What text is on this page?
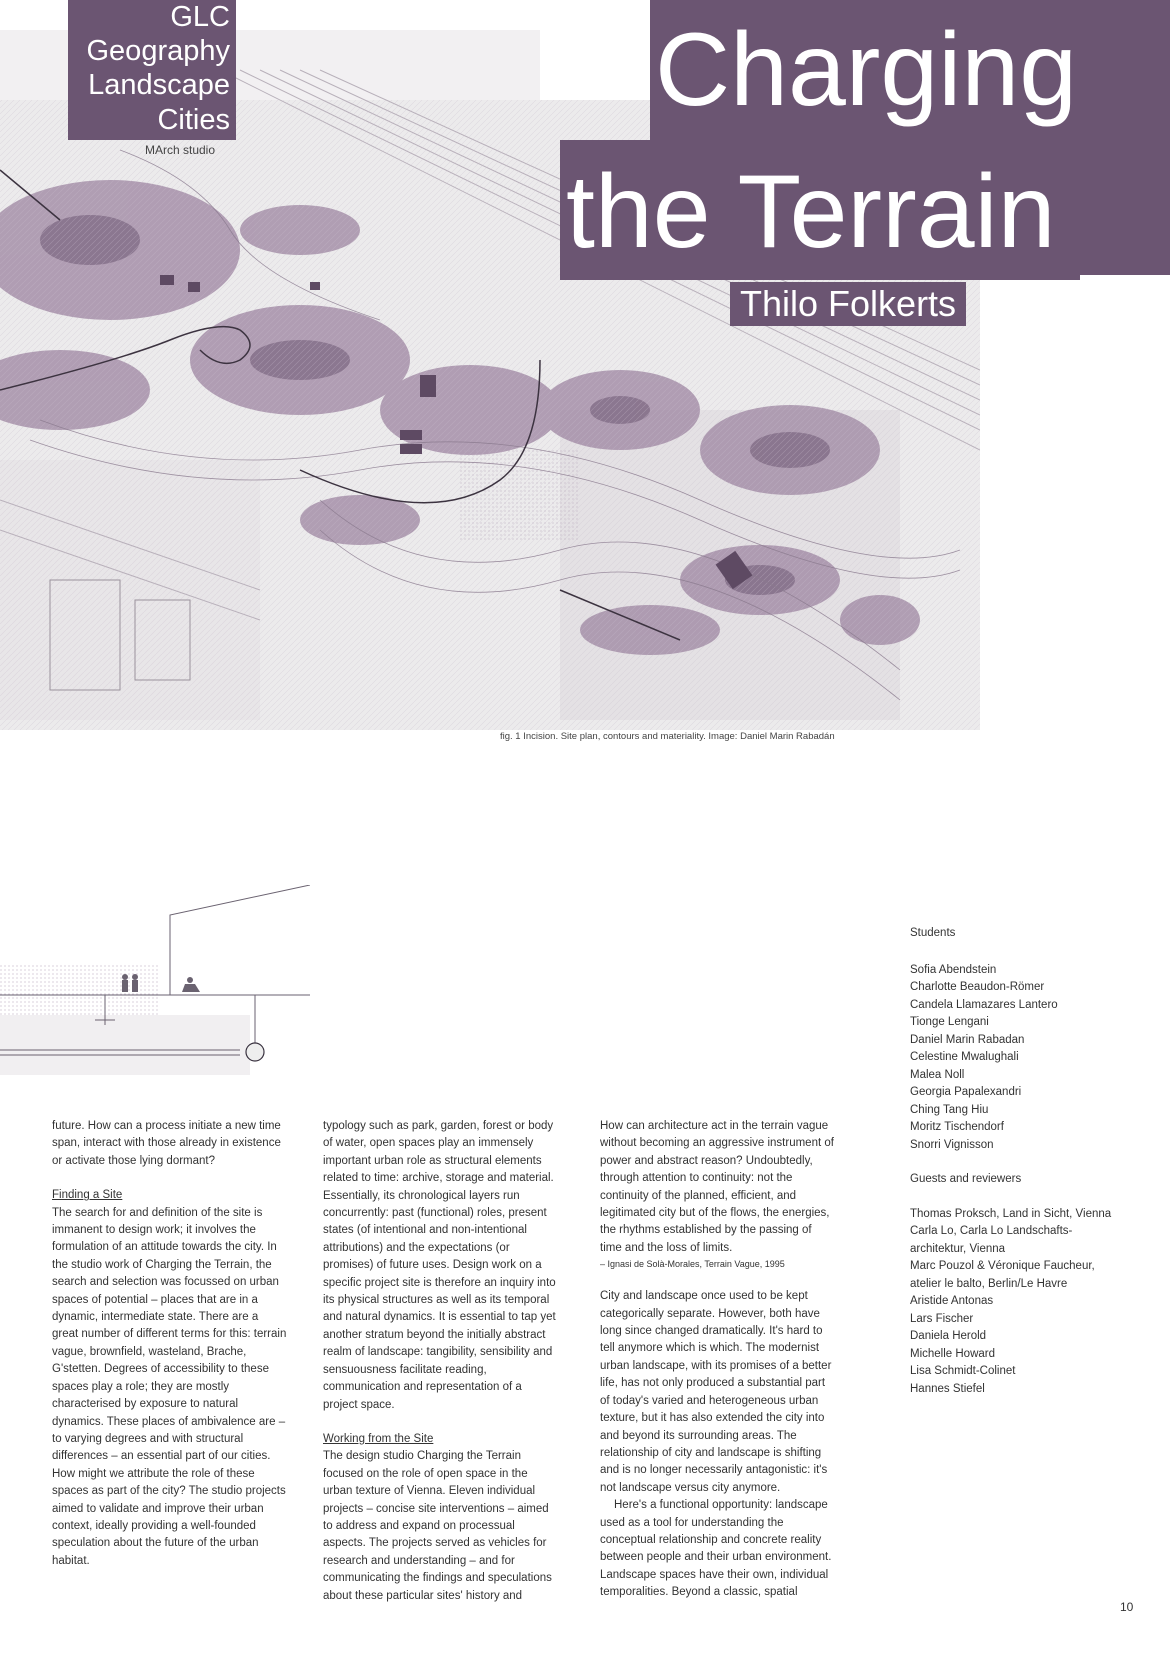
Charging
the Terrain
Thilo Folkerts
GLC
Geography
Landscape
Cities
MArch studio
fig. 1 Incision. Site plan, contours and materiality. Image: Daniel Marin Rabadán
Students
Sofia Abendstein
Charlotte Beaudon-Römer
Candela Llamazares Lantero
Tionge Lengani
Daniel Marin Rabadan
Celestine Mwalughali
Malea Noll
Georgia Papalexandri
Ching Tang Hiu
Moritz Tischendorf
Snorri Vignisson
Guests and reviewers
Thomas Proksch, Land in Sicht, Vienna
Carla Lo, Carla Lo Landschafts-
architektur, Vienna
Marc Pouzol & Véronique Faucheur,
atelier le balto, Berlin/Le Havre
Aristide Antonas
Lars Fischer
Daniela Herold
Michelle Howard
Lisa Schmidt-Colinet
Hannes Stiefel

How can architecture act in the terrain vague without becoming an aggressive instrument of power and abstract reason? Undoubtedly, through attention to continuity: not the continuity of the planned, efficient, and legitimated city but of the flows, the energies, the rhythms established by the passing of time and the loss of limits.

– Ignasi de Solà-Morales, Terrain Vague, 1995

City and landscape once used to be kept categorically separate. However, both have long since changed dramatically. It's hard to tell anymore which is which. The modernist urban landscape, with its promises of a better life, has not only produced a substantial part of today's varied and heterogeneous urban texture, but it has also extended the city into and beyond its surrounding areas. The relationship of city and landscape is shifting and is no longer necessarily antagonistic: it's not landscape versus city anymore.

Here's a functional opportunity: landscape used as a tool for understanding the conceptual relationship and concrete reality between people and their urban environment. Landscape spaces have their own, individual temporalities. Beyond a classic, spatial

typology such as park, garden, forest or body of water, open spaces play an immensely important urban role as structural elements related to time: archive, storage and material. Essentially, its chronological layers run concurrently: past (functional) roles, present states (of intentional and non-intentional attributions) and the expectations (or promises) of future uses. Design work on a specific project site is therefore an inquiry into its physical structures as well as its temporal and natural dynamics. It is essential to tap yet another stratum beyond the initially abstract realm of landscape: tangibility, sensibility and sensuousness facilitate reading, communication and representation of a project space.

Working from the Site

The design studio Charging the Terrain focused on the role of open space in the urban texture of Vienna. Eleven individual projects – concise site interventions – aimed to address and expand on processual aspects. The projects served as vehicles for research and understanding – and for communicating the findings and speculations about these particular sites' history and

future. How can a process initiate a new time span, interact with those already in existence or activate those lying dormant?

Finding a Site

The search for and definition of the site is immanent to design work; it involves the formulation of an attitude towards the city. In the studio work of Charging the Terrain, the search and selection was focussed on urban spaces of potential – places that are in a dynamic, intermediate state. There are a great number of different terms for this: terrain vague, brownfield, wasteland, Brache, G'stetten. Degrees of accessibility to these spaces play a role; they are mostly characterised by exposure to natural dynamics. These places of ambivalence are – to varying degrees and with structural differences – an essential part of our cities. How might we attribute the role of these spaces as part of the city? The studio projects aimed to validate and improve their urban context, ideally providing a well-founded speculation about the future of the urban habitat.

10
